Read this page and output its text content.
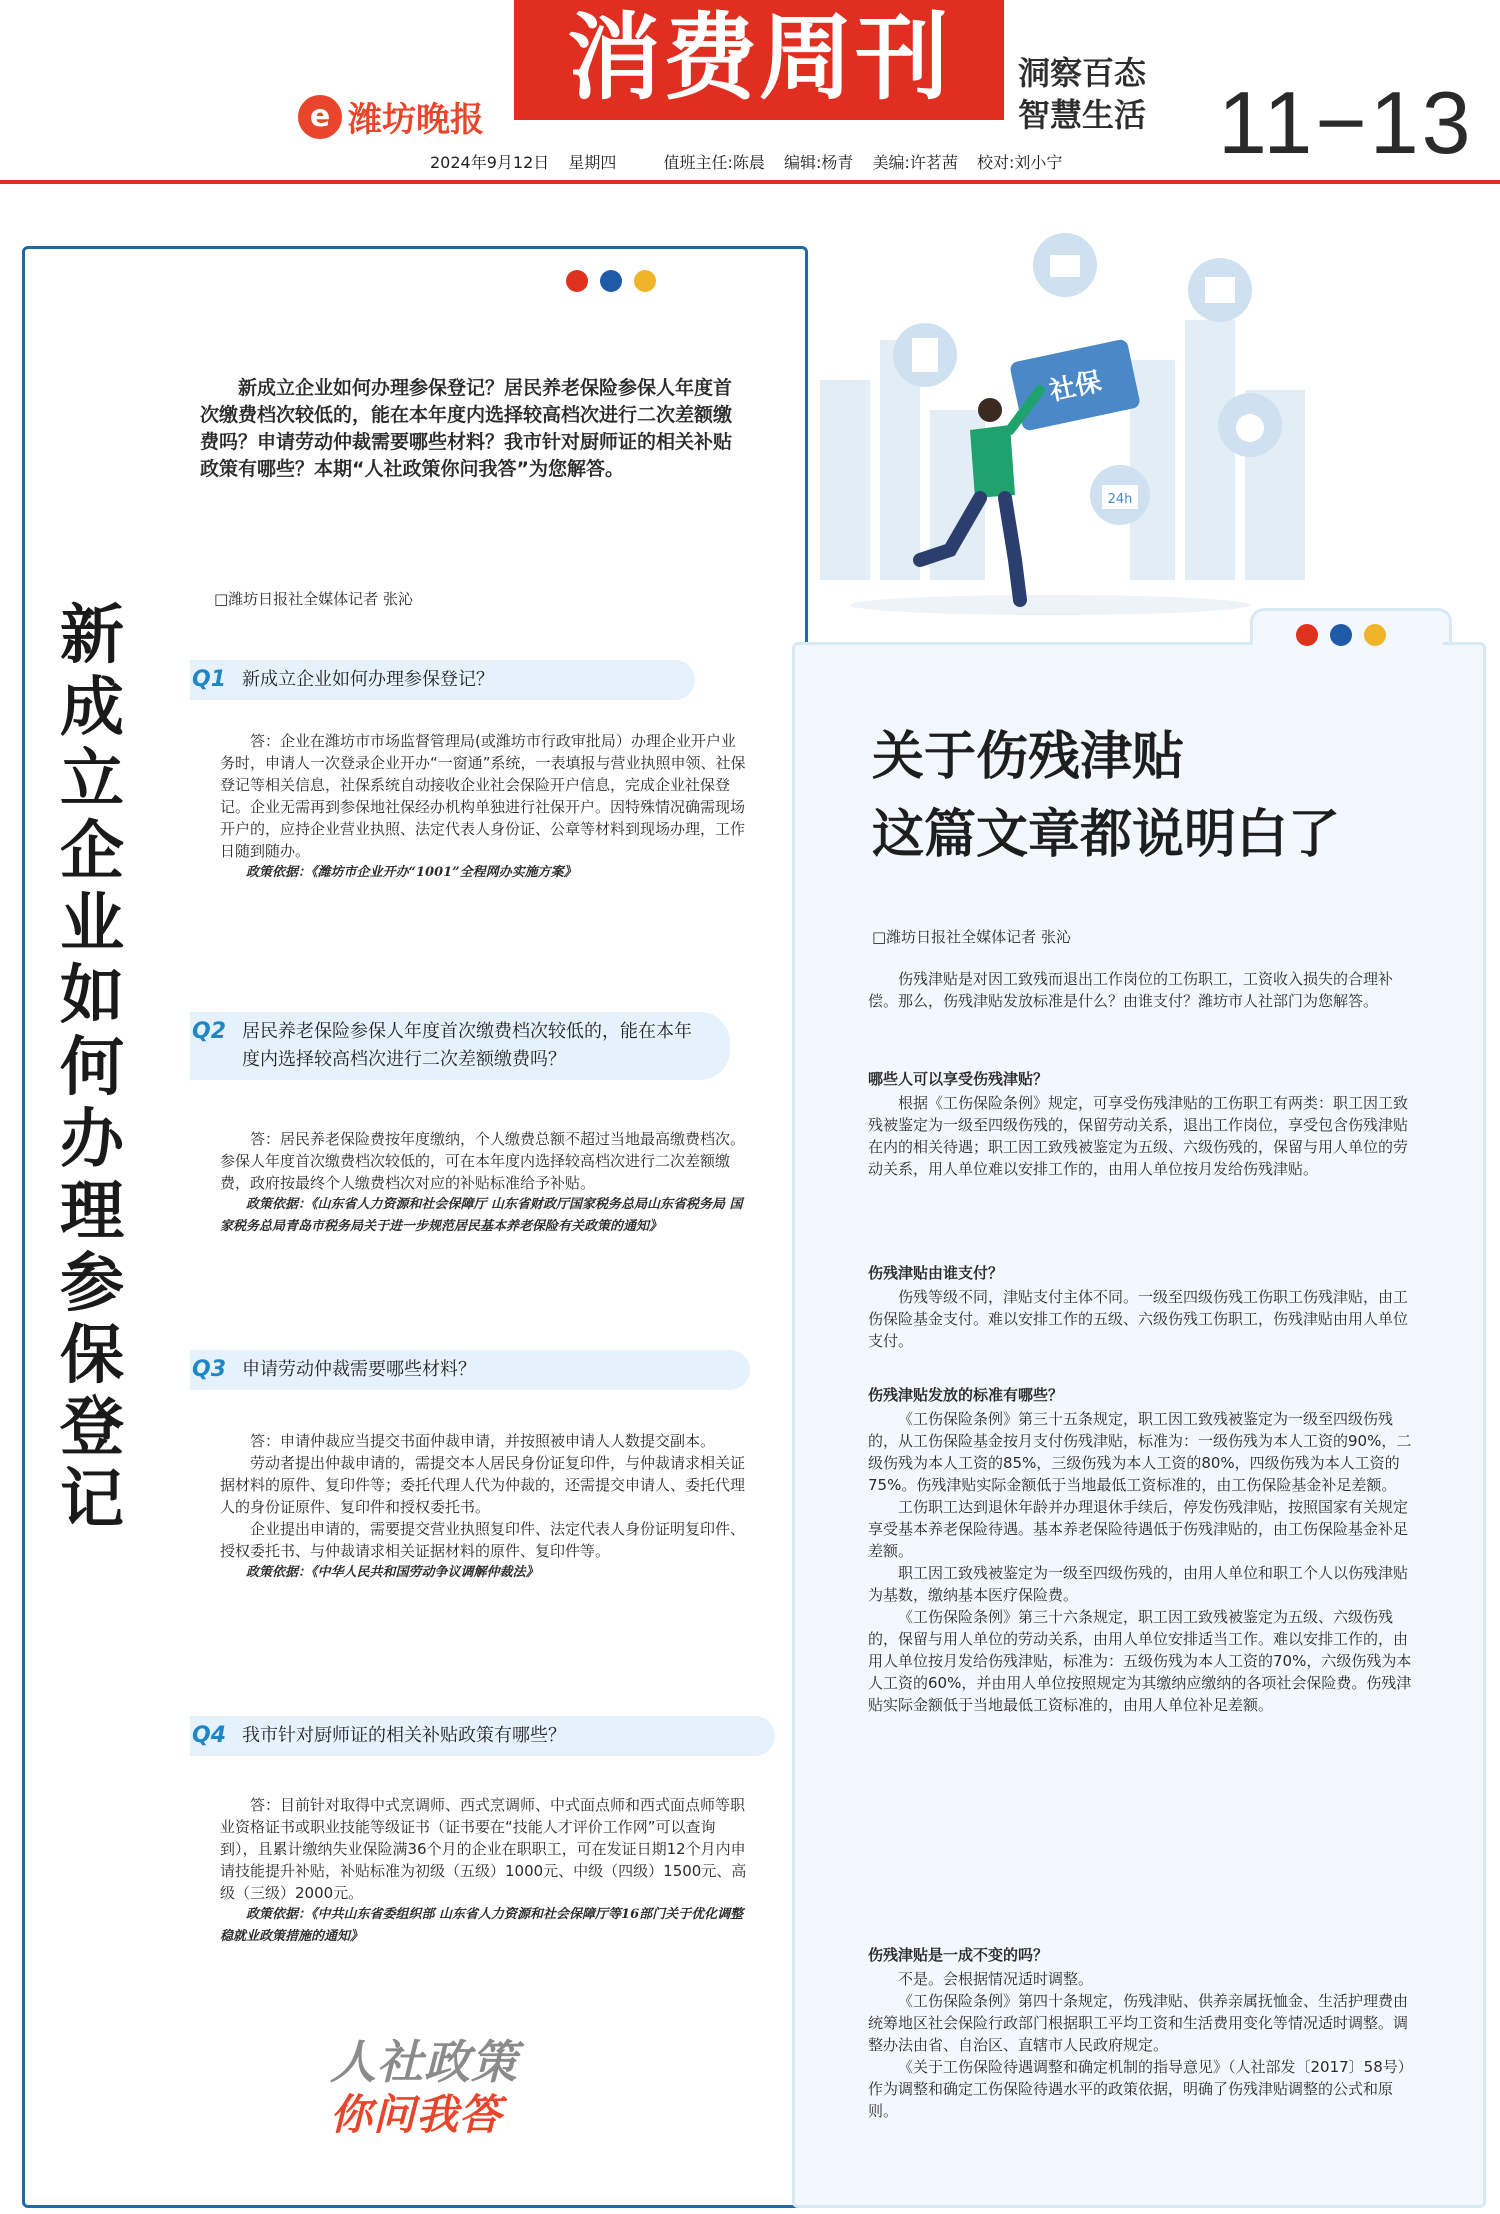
e 潍坊晚报
消费周刊	洞察百态
智慧生活 11−13
2024年9月12日 星期四	值班主任:陈晨 编辑:杨青 美编:许茗茜 校对:刘小宁
新成立企业如何办理参保登记
新成立企业如何办理参保登记？居民养老保险参保人年度首次缴费档次较低的，能在本年度内选择较高档次进行二次差额缴费吗？申请劳动仲裁需要哪些材料？我市针对厨师证的相关补贴政策有哪些？本期“人社政策你问我答”为您解答。
□潍坊日报社全媒体记者 张沁
Q1 新成立企业如何办理参保登记？

答：企业在潍坊市市场监督管理局(或潍坊市行政审批局）办理企业开户业务时，申请人一次登录企业开办“一窗通”系统，一表填报与营业执照申领、社保登记等相关信息，社保系统自动接收企业社会保险开户信息，完成企业社保登记。企业无需再到参保地社保经办机构单独进行社保开户。因特殊情况确需现场开户的，应持企业营业执照、法定代表人身份证、公章等材料到现场办理，工作日随到随办。

政策依据：《潍坊市企业开办“1001”全程网办实施方案》

Q2 居民养老保险参保人年度首次缴费档次较低的，能在本年度内选择较高档次进行二次差额缴费吗？

答：居民养老保险费按年度缴纳，个人缴费总额不超过当地最高缴费档次。参保人年度首次缴费档次较低的，可在本年度内选择较高档次进行二次差额缴费，政府按最终个人缴费档次对应的补贴标准给予补贴。

政策依据：《山东省人力资源和社会保障厅 山东省财政厅国家税务总局山东省税务局 国家税务总局青岛市税务局关于进一步规范居民基本养老保险有关政策的通知》

Q3 申请劳动仲裁需要哪些材料？

答：申请仲裁应当提交书面仲裁申请，并按照被申请人人数提交副本。

劳动者提出仲裁申请的，需提交本人居民身份证复印件，与仲裁请求相关证据材料的原件、复印件等；委托代理人代为仲裁的，还需提交申请人、委托代理人的身份证原件、复印件和授权委托书。

企业提出申请的，需要提交营业执照复印件、法定代表人身份证明复印件、授权委托书、与仲裁请求相关证据材料的原件、复印件等。

政策依据：《中华人民共和国劳动争议调解仲裁法》

Q4 我市针对厨师证的相关补贴政策有哪些？

答：目前针对取得中式烹调师、西式烹调师、中式面点师和西式面点师等职业资格证书或职业技能等级证书（证书要在“技能人才评价工作网”可以查询到），且累计缴纳失业保险满36个月的企业在职职工，可在发证日期12个月内申请技能提升补贴，补贴标准为初级（五级）1000元、中级（四级）1500元、高级（三级）2000元。

政策依据：《中共山东省委组织部 山东省人力资源和社会保障厅等16部门关于优化调整稳就业政策措施的通知》

人社政策
你问我答
社保
24h
关于伤残津贴
这篇文章都说明白了
□潍坊日报社全媒体记者 张沁

伤残津贴是对因工致残而退出工作岗位的工伤职工，工资收入损失的合理补偿。那么，伤残津贴发放标准是什么？由谁支付？潍坊市人社部门为您解答。

哪些人可以享受伤残津贴？

根据《工伤保险条例》规定，可享受伤残津贴的工伤职工有两类：职工因工致残被鉴定为一级至四级伤残的，保留劳动关系，退出工作岗位，享受包含伤残津贴在内的相关待遇；职工因工致残被鉴定为五级、六级伤残的，保留与用人单位的劳动关系，用人单位难以安排工作的，由用人单位按月发给伤残津贴。

伤残津贴由谁支付？

伤残等级不同，津贴支付主体不同。一级至四级伤残工伤职工伤残津贴，由工伤保险基金支付。难以安排工作的五级、六级伤残工伤职工，伤残津贴由用人单位支付。

伤残津贴发放的标准有哪些？

《工伤保险条例》第三十五条规定，职工因工致残被鉴定为一级至四级伤残的，从工伤保险基金按月支付伤残津贴，标准为：一级伤残为本人工资的90%，二级伤残为本人工资的85%，三级伤残为本人工资的80%，四级伤残为本人工资的75%。伤残津贴实际金额低于当地最低工资标准的，由工伤保险基金补足差额。

工伤职工达到退休年龄并办理退休手续后，停发伤残津贴，按照国家有关规定享受基本养老保险待遇。基本养老保险待遇低于伤残津贴的，由工伤保险基金补足差额。

职工因工致残被鉴定为一级至四级伤残的，由用人单位和职工个人以伤残津贴为基数，缴纳基本医疗保险费。

《工伤保险条例》第三十六条规定，职工因工致残被鉴定为五级、六级伤残的，保留与用人单位的劳动关系，由用人单位安排适当工作。难以安排工作的，由用人单位按月发给伤残津贴，标准为：五级伤残为本人工资的70%，六级伤残为本人工资的60%，并由用人单位按照规定为其缴纳应缴纳的各项社会保险费。伤残津贴实际金额低于当地最低工资标准的，由用人单位补足差额。

伤残津贴是一成不变的吗？

不是。会根据情况适时调整。

《工伤保险条例》第四十条规定，伤残津贴、供养亲属抚恤金、生活护理费由统筹地区社会保险行政部门根据职工平均工资和生活费用变化等情况适时调整。调整办法由省、自治区、直辖市人民政府规定。

《关于工伤保险待遇调整和确定机制的指导意见》（人社部发〔2017〕58号）作为调整和确定工伤保险待遇水平的政策依据，明确了伤残津贴调整的公式和原则。
